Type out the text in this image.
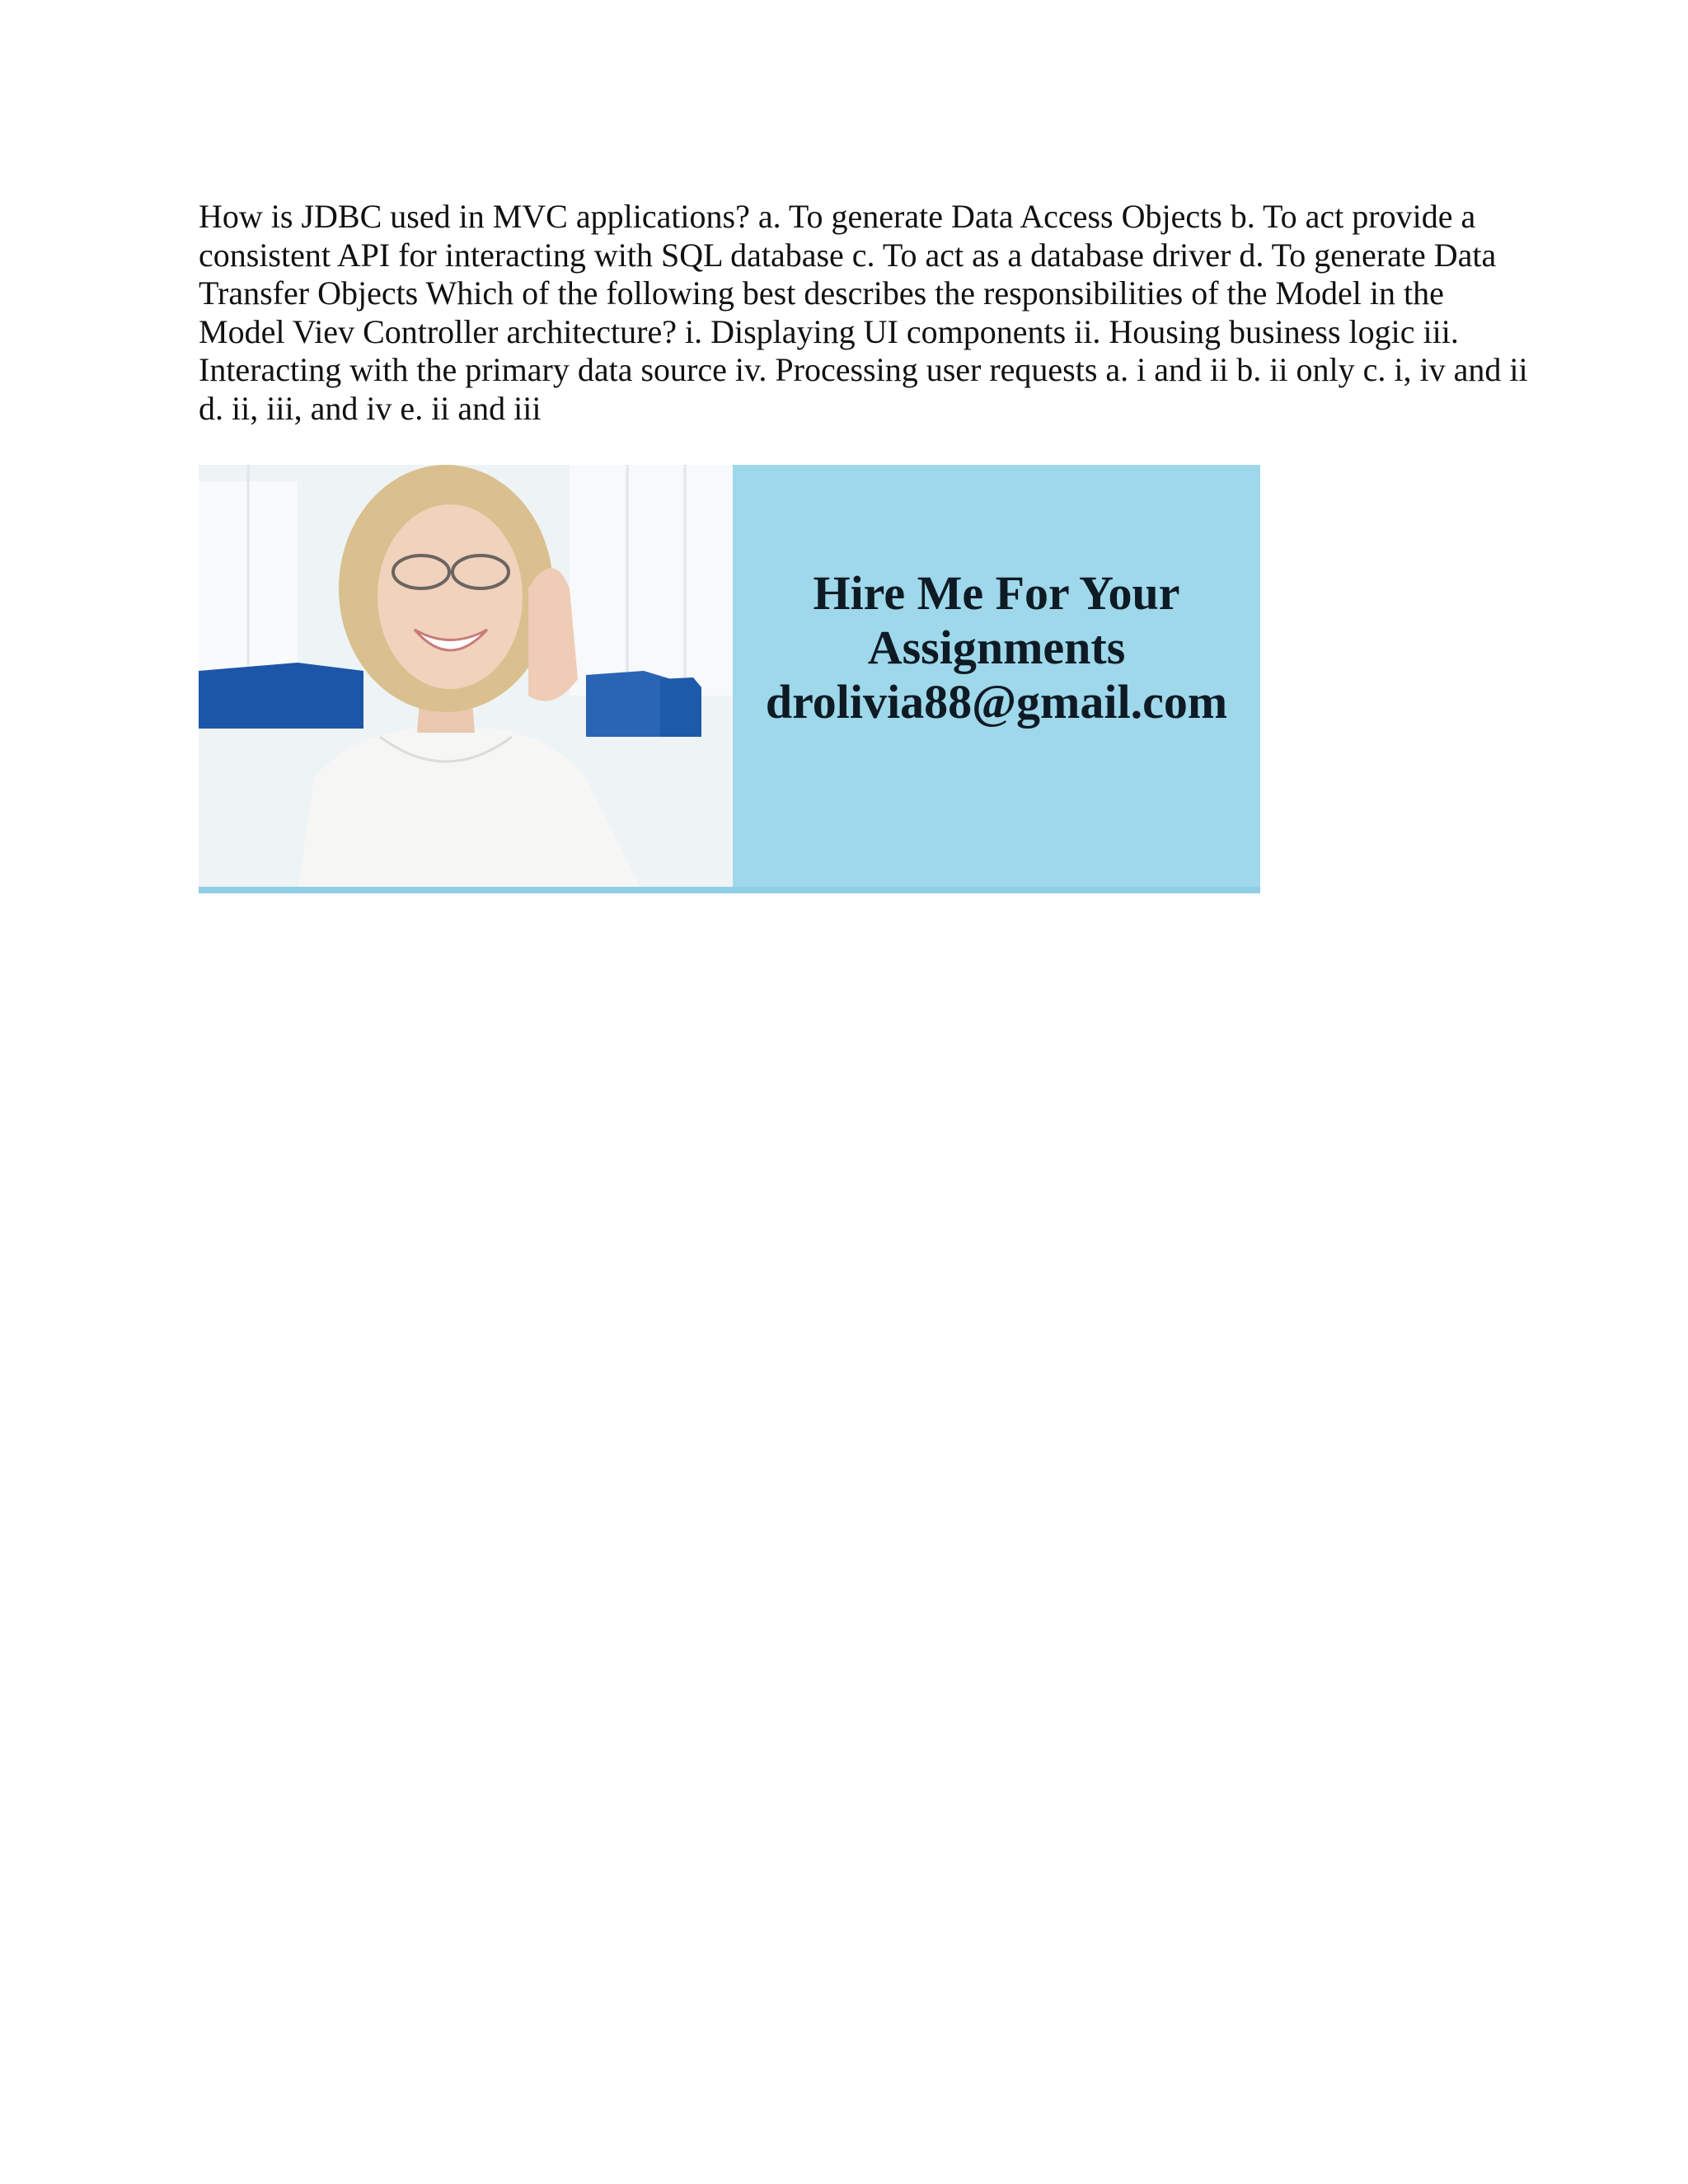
How is JDBC used in MVC applications? a. To generate Data Access Objects b. To act provide a consistent API for interacting with SQL database c. To act as a database driver d. To generate Data Transfer Objects Which of the following best describes the responsibilities of the Model in the Model Viev Controller architecture? i. Displaying UI components ii. Housing business logic iii. Interacting with the primary data source iv. Processing user requests a. i and ii b. ii only c. i, iv and ii d. ii, iii, and iv e. ii and iii

Hire Me For Your

Assignments

drolivia88@gmail.com
